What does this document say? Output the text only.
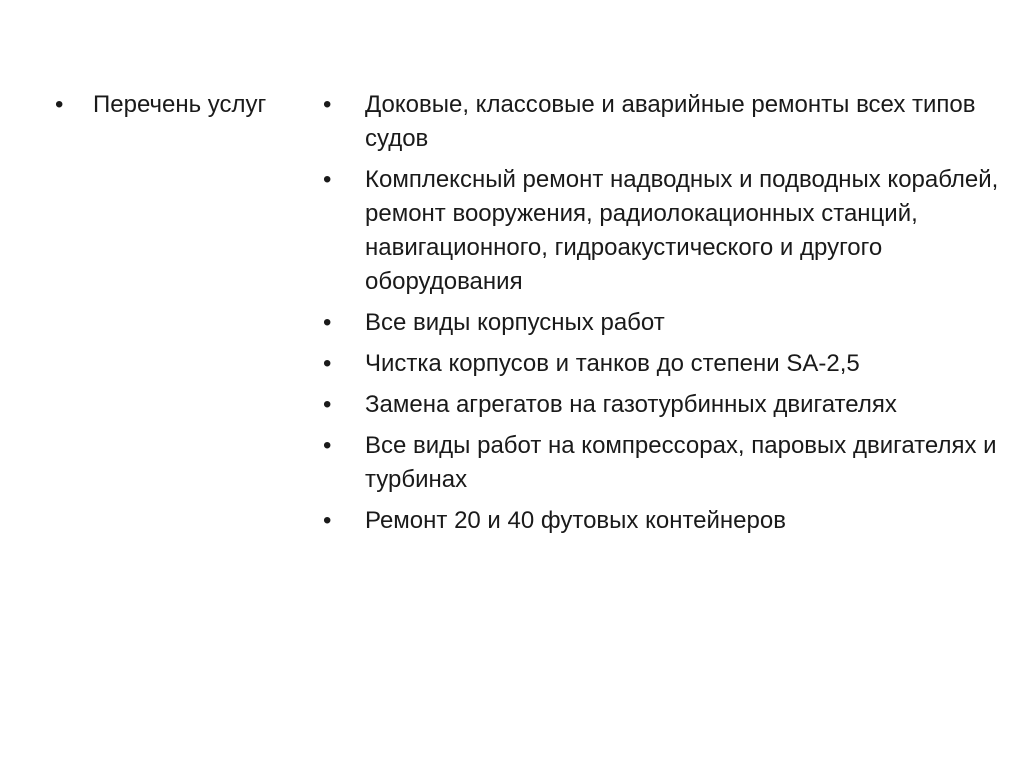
•	Перечень услуг	•	Доковые, классовые и аварийные ремонты всех типов судов
•	Комплексный ремонт надводных и подводных кораблей, ремонт вооружения, радиолокационных станций, навигационного, гидроакустического и другого оборудования
•	Все виды корпусных работ
•	Чистка корпусов и танков до степени SA-2,5
•	Замена агрегатов на газотурбинных двигателях
•	Все виды работ на компрессорах, паровых двигателях и турбинах
•	Ремонт 20 и 40 футовых контейнеров
